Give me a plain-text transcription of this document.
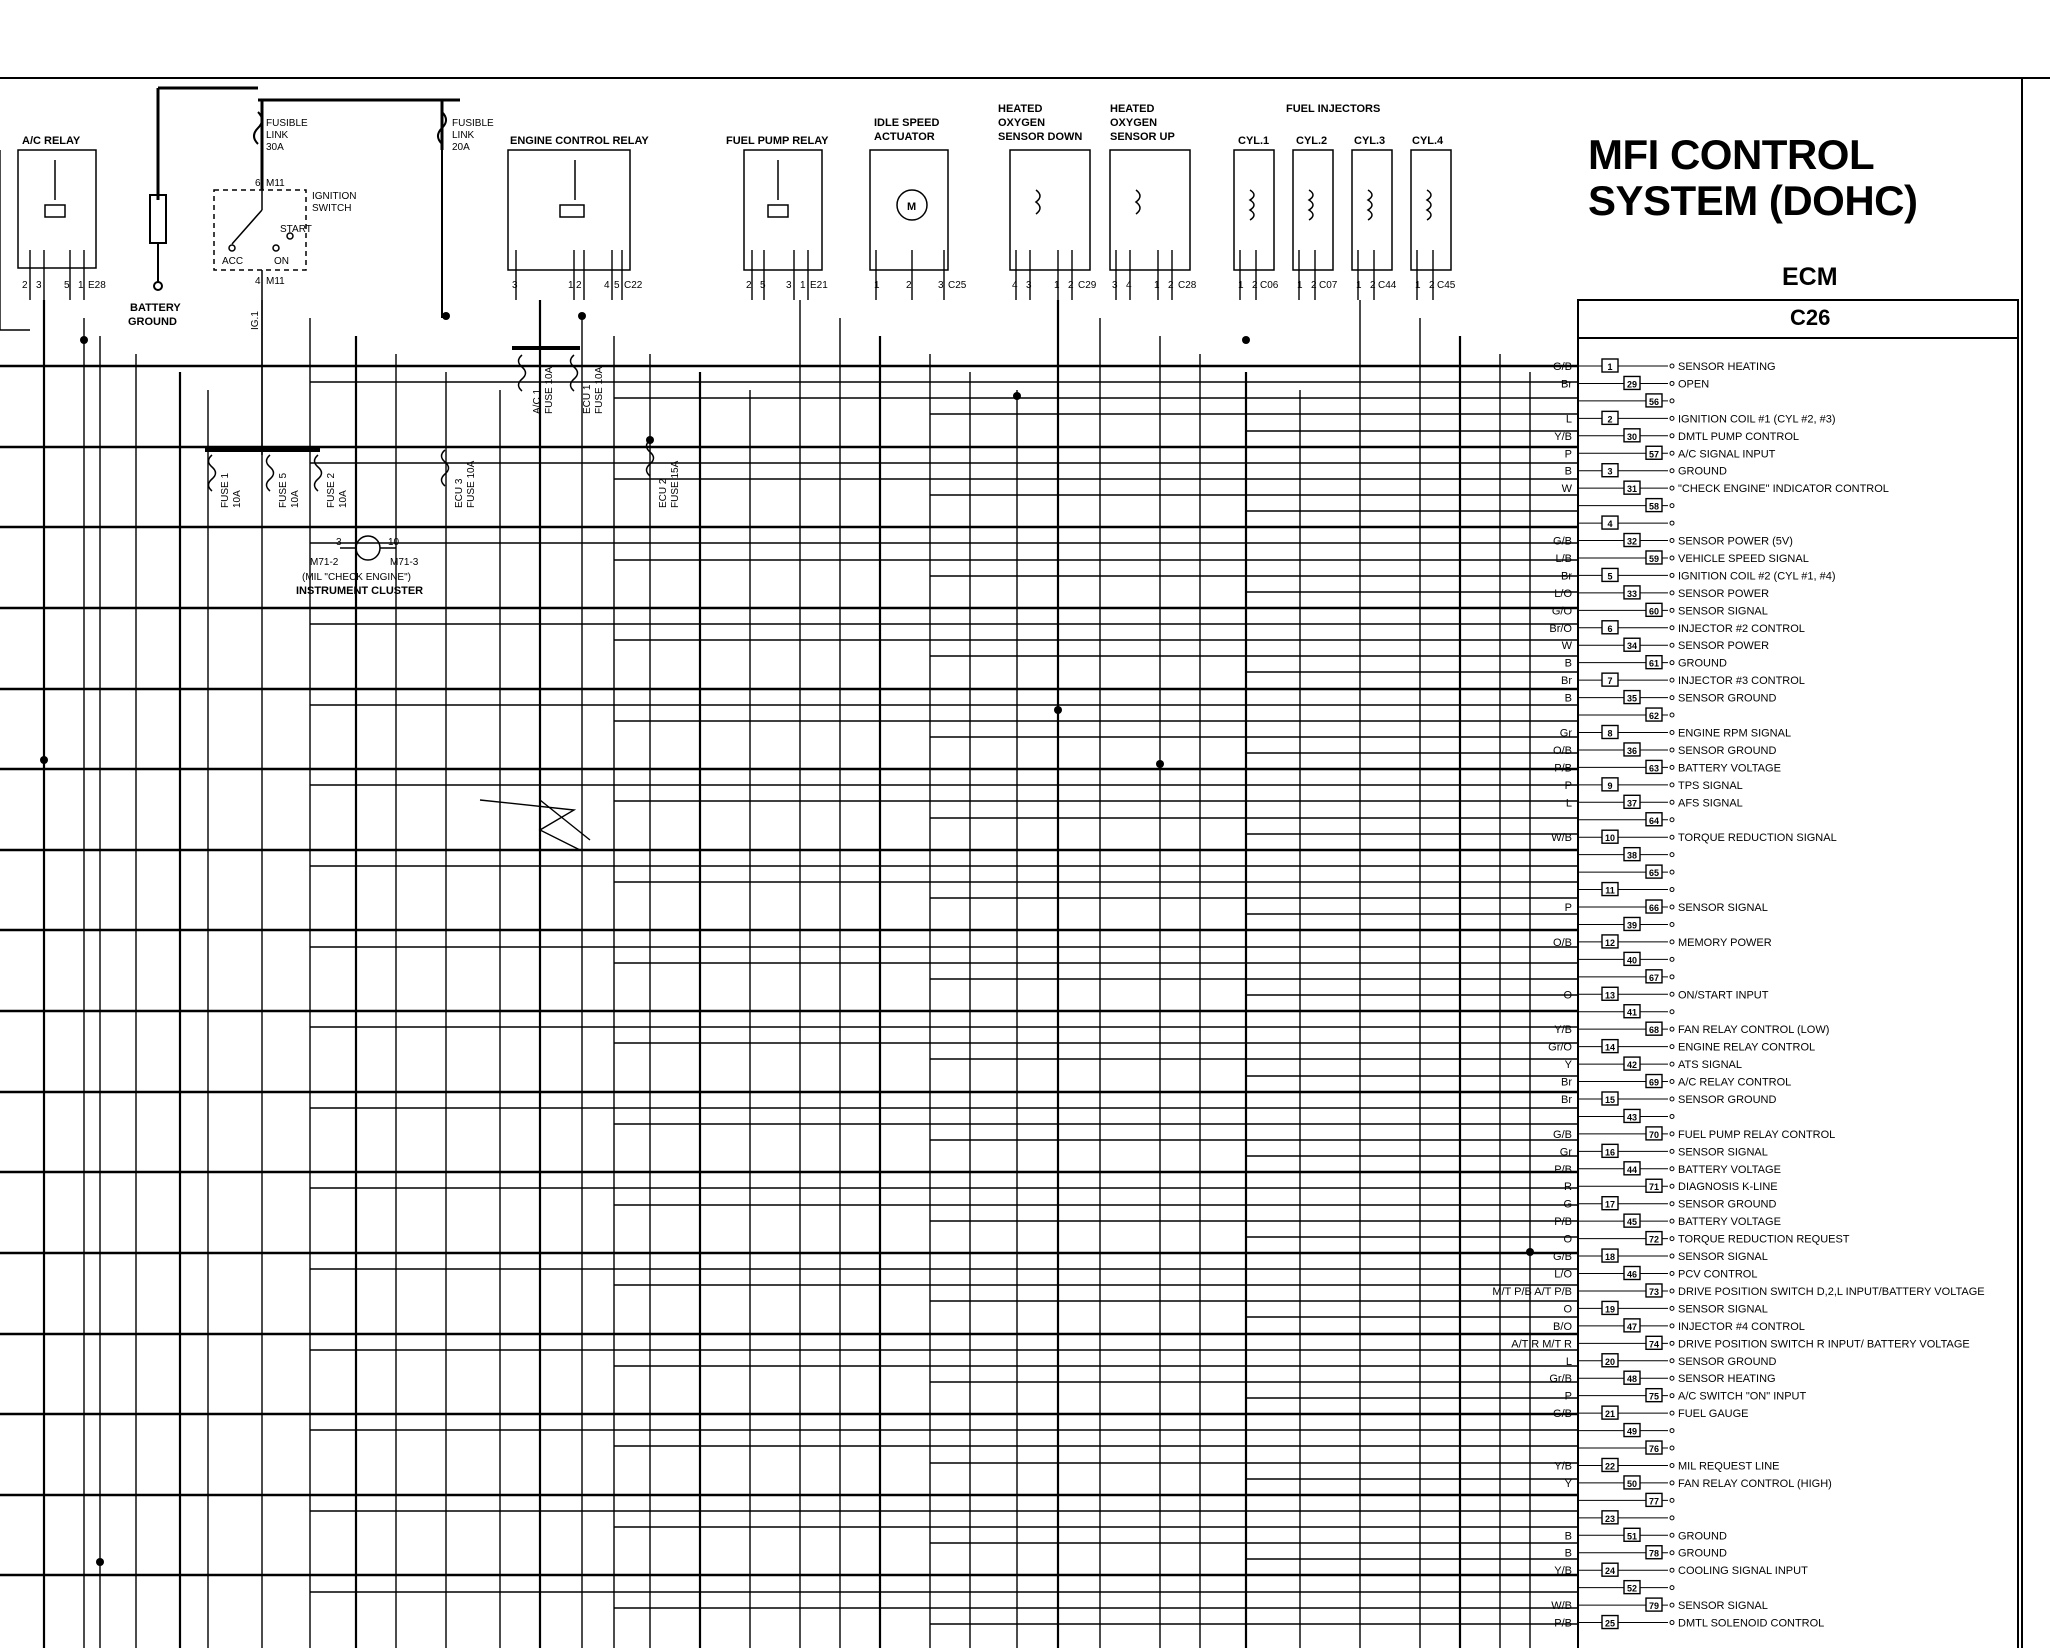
MFI CONTROL
SYSTEM (DOHC)
ECM
C26
BATTERY
GROUND
FUSIBLE
LINK
30A
FUSIBLE
LINK
20A
6 M11
IGNITION
SWITCH
START
ACC	ON
4 M11
IG.1
A/C RELAY
2 3 5 1 E28
ENGINE CONTROL RELAY
3	1 2 4 5 C22
FUEL PUMP RELAY
2 5 3 1 E21
IDLE SPEED
ACTUATOR
M
1	2	3 C25
HEATED
OXYGEN
SENSOR DOWN
4 3 1 2 C29
HEATED
OXYGEN
SENSOR UP
3 4 1 2 C28
FUEL INJECTORS
CYL.1 CYL.2 CYL.3 CYL.4
1 2 C06 1 2 C07 1 2 C44 1 2 C45
A/C 1 FUSE 10A	ECU 1 FUSE 10A
FUSE 1 10A	FUSE 5 10A	FUSE 2 10A	ECU 3 FUSE 10A	ECU 2 FUSE 15A
3	10
M71-2	M71-3
(MIL "CHECK ENGINE")
INSTRUMENT CLUSTER
G/B	1	SENSOR HEATING
Br	29	OPEN
56
L	2	IGNITION COIL #1 (CYL #2, #3)
Y/B	30	DMTL PUMP CONTROL
P	57 A/C SIGNAL INPUT
B	3	GROUND
W	31	"CHECK ENGINE" INDICATOR CONTROL
58
4
G/B	32	SENSOR POWER (5V)
L/B	59 VEHICLE SPEED SIGNAL
Br	5	IGNITION COIL #2 (CYL #1, #4)
L/O	33	SENSOR POWER
G/O	60 SENSOR SIGNAL
Br/O	6	INJECTOR #2 CONTROL
W	34	SENSOR POWER
B	61 GROUND
Br	7	INJECTOR #3 CONTROL
B	35	SENSOR GROUND
62
Gr	8	ENGINE RPM SIGNAL
O/B	36	SENSOR GROUND
P/B	63 BATTERY VOLTAGE
P	9	TPS SIGNAL
L	37	AFS SIGNAL
64
W/B	10	TORQUE REDUCTION SIGNAL
38
65
11
P	66 SENSOR SIGNAL
39
O/B	12	MEMORY POWER
40
67
O	13	ON/START INPUT
41
Y/B	68 FAN RELAY CONTROL (LOW)
Gr/O	14	ENGINE RELAY CONTROL
Y	42	ATS SIGNAL
Br	69 A/C RELAY CONTROL
Br	15	SENSOR GROUND
43
G/B	70 FUEL PUMP RELAY CONTROL
Gr	16	SENSOR SIGNAL
P/B	44	BATTERY VOLTAGE
R	71 DIAGNOSIS K-LINE
G	17	SENSOR GROUND
P/B	45	BATTERY VOLTAGE
O	72 TORQUE REDUCTION REQUEST
G/B	18	SENSOR SIGNAL
L/O	46	PCV CONTROL
M/T P/B A/T P/B	73 DRIVE POSITION SWITCH D,2,L INPUT/BATTERY VOLTAGE
O	19	SENSOR SIGNAL
B/O	47	INJECTOR #4 CONTROL
A/T R M/T R	74 DRIVE POSITION SWITCH R INPUT/ BATTERY VOLTAGE
L	20	SENSOR GROUND
Gr/B	48	SENSOR HEATING
P	75 A/C SWITCH "ON" INPUT
G/B	21	FUEL GAUGE
49
76
Y/B	22	MIL REQUEST LINE
Y	50	FAN RELAY CONTROL (HIGH)
77
23
B	51	GROUND
B	78 GROUND
Y/B	24	COOLING SIGNAL INPUT
52
W/B	79 SENSOR SIGNAL
P/B	25	DMTL SOLENOID CONTROL
